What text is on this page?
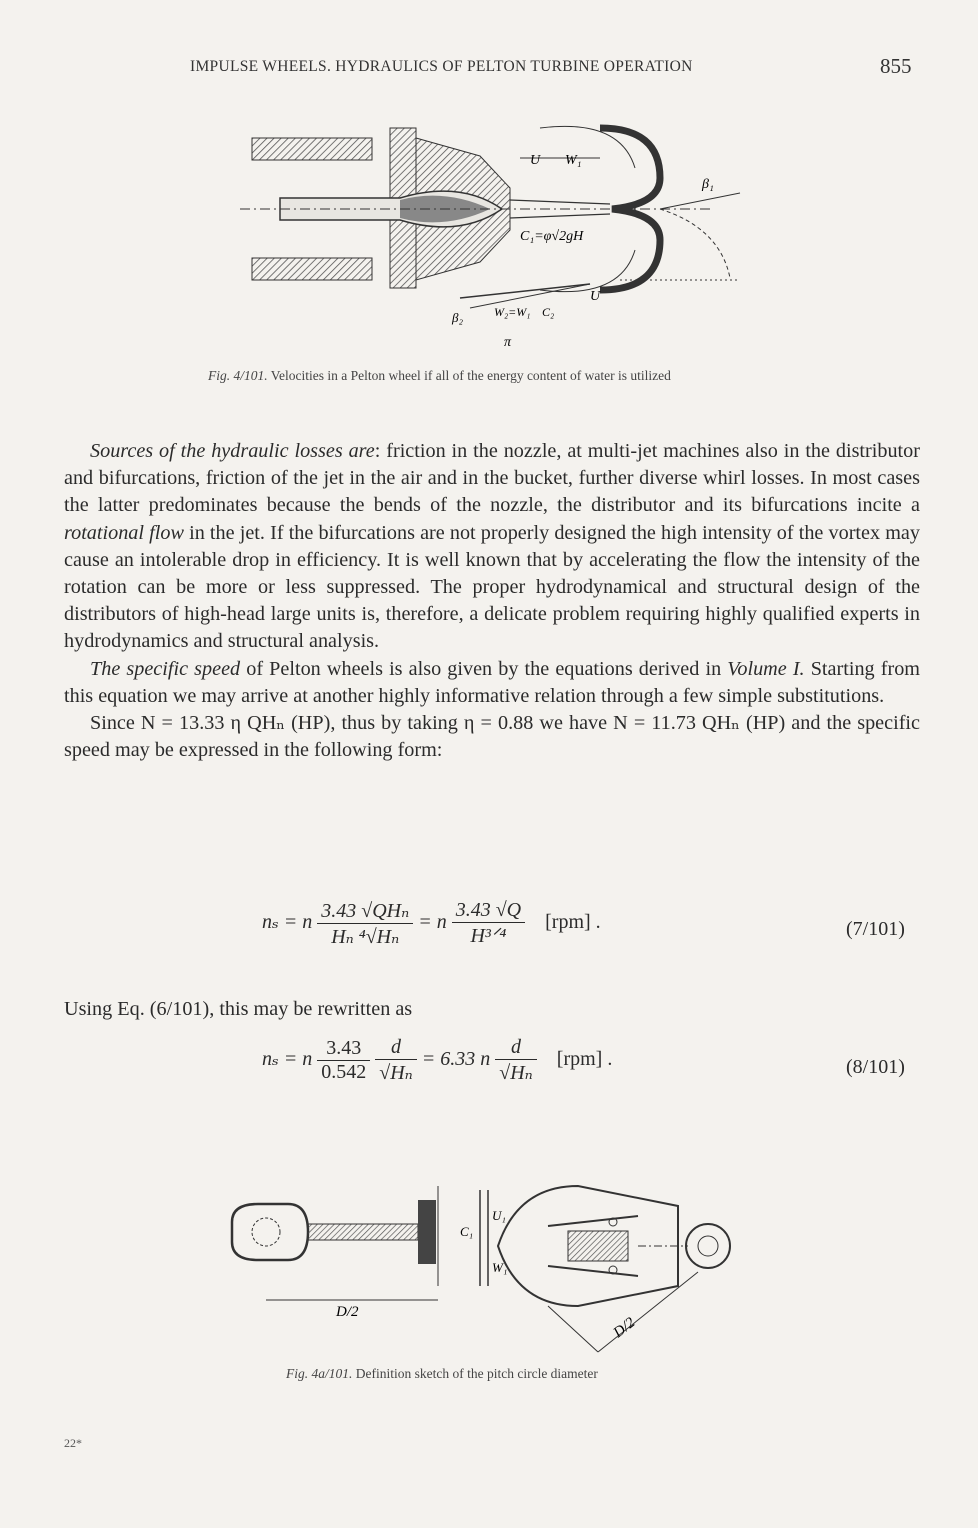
IMPULSE WHEELS. HYDRAULICS OF PELTON TURBINE OPERATION	855
U W₁
β₁
C₁=φ√2gH
U
β₂	W₂=W₁ C₂
π
Fig. 4/101. Velocities in a Pelton wheel if all of the energy content of water is utilized

Sources of the hydraulic losses are: friction in the nozzle, at multi-jet machines also in the distributor and bifurcations, friction of the jet in the air and in the bucket, further diverse whirl losses. In most cases the latter predominates because the bends of the nozzle, the distributor and its bifurcations incite a rotational flow in the jet. If the bifurcations are not properly designed the high intensity of the vortex may cause an intolerable drop in efficiency. It is well known that by accelerating the flow the intensity of the rotation can be more or less suppressed. The proper hydrodynamical and structural design of the distributors of high-head large units is, therefore, a delicate problem requiring highly qualified experts in hydrodynamics and structural analysis.

The specific speed of Pelton wheels is also given by the equations derived in Volume I. Starting from this equation we may arrive at another highly informative relation through a few simple substitutions.

Since N = 13.33 η QHₙ (HP), thus by taking η = 0.88 we have N = 11.73 QHₙ (HP) and the specific speed may be expressed in the following form:

nₛ = n $\frac{\text{3.43 √QHₙ}}{\text{Hₙ ⁴√Hₙ}} = n \frac{3.43 √Q}{\text{H³ᐟ⁴}} [rpm]$ .	(7/101)

Using Eq. (6/101), this may be rewritten as

nₛ = n $\frac{3.43}{0.542}$
$\frac{d}{\text{√Hₙ}} = 6.33$ n $\frac{d}{\text{√Hₙ}} [rpm]$ .	(8/101)
D/2
C₁
U₁
W₁
D/2
Fig. 4a/101. Definition sketch of the pitch circle diameter
22*
